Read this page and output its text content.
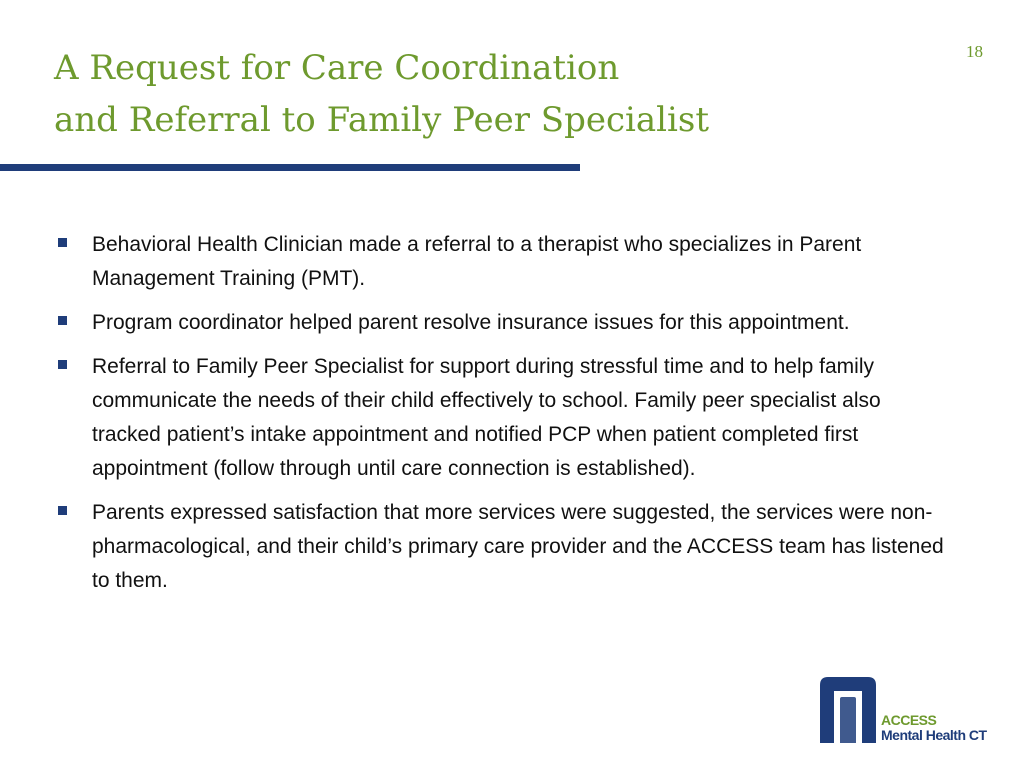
A Request for Care Coordination
and Referral to Family Peer Specialist
18
Behavioral Health Clinician made a referral to a therapist who specializes in Parent Management Training (PMT).
Program coordinator helped parent resolve insurance issues for this appointment.
Referral to Family Peer Specialist for support during stressful time and to help family communicate the needs of their child effectively to school. Family peer specialist also tracked patient’s intake appointment and notified PCP when patient completed first appointment (follow through until care connection is established).
Parents expressed satisfaction that more services were suggested, the services were non-pharmacological, and their child’s primary care provider and the ACCESS team has listened to them.
ACCESS
Mental Health CT
